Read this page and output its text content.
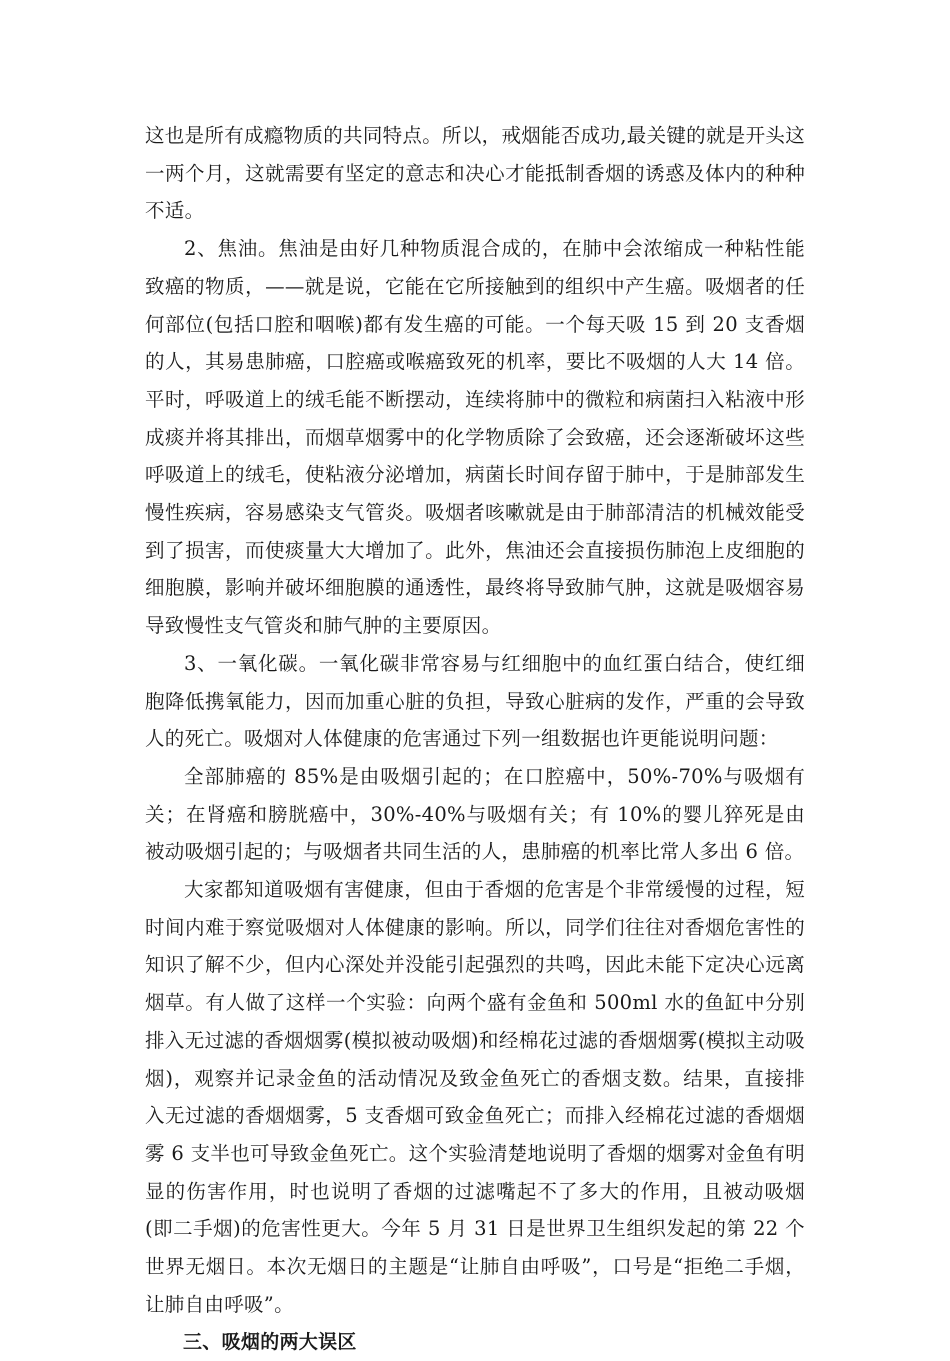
这也是所有成瘾物质的共同特点。所以，戒烟能否成功,最关键的就是开头这一两个月，这就需要有坚定的意志和决心才能抵制香烟的诱惑及体内的种种不适。

2、焦油。焦油是由好几种物质混合成的，在肺中会浓缩成一种粘性能致癌的物质，——就是说，它能在它所接触到的组织中产生癌。吸烟者的任何部位(包括口腔和咽喉)都有发生癌的可能。一个每天吸 15 到 20 支香烟的人，其易患肺癌，口腔癌或喉癌致死的机率，要比不吸烟的人大 14 倍。平时，呼吸道上的绒毛能不断摆动，连续将肺中的微粒和病菌扫入粘液中形成痰并将其排出，而烟草烟雾中的化学物质除了会致癌，还会逐渐破坏这些呼吸道上的绒毛，使粘液分泌增加，病菌长时间存留于肺中，于是肺部发生慢性疾病，容易感染支气管炎。吸烟者咳嗽就是由于肺部清洁的机械效能受到了损害，而使痰量大大增加了。此外，焦油还会直接损伤肺泡上皮细胞的细胞膜，影响并破坏细胞膜的通透性，最终将导致肺气肿，这就是吸烟容易导致慢性支气管炎和肺气肿的主要原因。

3、一氧化碳。一氧化碳非常容易与红细胞中的血红蛋白结合，使红细胞降低携氧能力，因而加重心脏的负担，导致心脏病的发作，严重的会导致人的死亡。吸烟对人体健康的危害通过下列一组数据也许更能说明问题：

全部肺癌的 85%是由吸烟引起的；在口腔癌中，50%-70%与吸烟有关；在肾癌和膀胱癌中，30%-40%与吸烟有关；有 10%的婴儿猝死是由被动吸烟引起的；与吸烟者共同生活的人，患肺癌的机率比常人多出 6 倍。

大家都知道吸烟有害健康，但由于香烟的危害是个非常缓慢的过程，短时间内难于察觉吸烟对人体健康的影响。所以，同学们往往对香烟危害性的知识了解不少，但内心深处并没能引起强烈的共鸣，因此未能下定决心远离烟草。有人做了这样一个实验：向两个盛有金鱼和 500ml 水的鱼缸中分别排入无过滤的香烟烟雾(模拟被动吸烟)和经棉花过滤的香烟烟雾(模拟主动吸烟)，观察并记录金鱼的活动情况及致金鱼死亡的香烟支数。结果，直接排入无过滤的香烟烟雾，5 支香烟可致金鱼死亡；而排入经棉花过滤的香烟烟雾 6 支半也可导致金鱼死亡。这个实验清楚地说明了香烟的烟雾对金鱼有明显的伤害作用，时也说明了香烟的过滤嘴起不了多大的作用，且被动吸烟(即二手烟)的危害性更大。今年 5 月 31 日是世界卫生组织发起的第 22 个世界无烟日。本次无烟日的主题是“让肺自由呼吸”，口号是“拒绝二手烟，让肺自由呼吸”。

三、吸烟的两大误区
